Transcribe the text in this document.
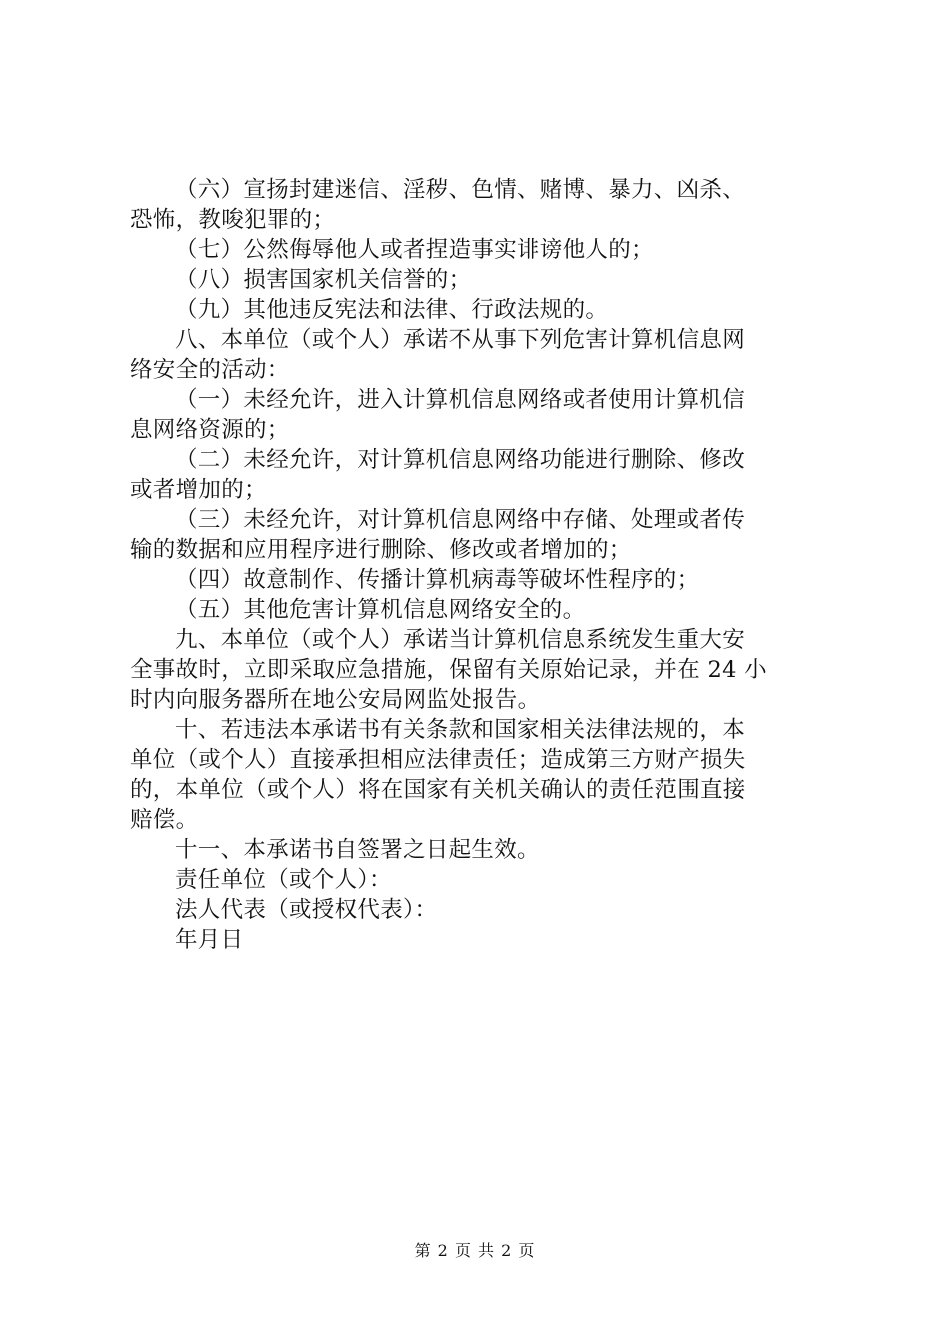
（六）宣扬封建迷信、淫秽、色情、赌博、暴力、凶杀、
恐怖，教唆犯罪的；
（七）公然侮辱他人或者捏造事实诽谤他人的；
（八）损害国家机关信誉的；
（九）其他违反宪法和法律、行政法规的。
八、本单位（或个人）承诺不从事下列危害计算机信息网
络安全的活动：
（一）未经允许，进入计算机信息网络或者使用计算机信
息网络资源的；
（二）未经允许，对计算机信息网络功能进行删除、修改
或者增加的；
（三）未经允许，对计算机信息网络中存储、处理或者传
输的数据和应用程序进行删除、修改或者增加的；
（四）故意制作、传播计算机病毒等破坏性程序的；
（五）其他危害计算机信息网络安全的。
九、本单位（或个人）承诺当计算机信息系统发生重大安
全事故时，立即采取应急措施，保留有关原始记录，并在 24 小
时内向服务器所在地公安局网监处报告。
十、若违法本承诺书有关条款和国家相关法律法规的，本
单位（或个人）直接承担相应法律责任；造成第三方财产损失
的，本单位（或个人）将在国家有关机关确认的责任范围直接
赔偿。
十一、本承诺书自签署之日起生效。
责任单位（或个人）：
法人代表（或授权代表）：
年月日
第 2 页 共 2 页
